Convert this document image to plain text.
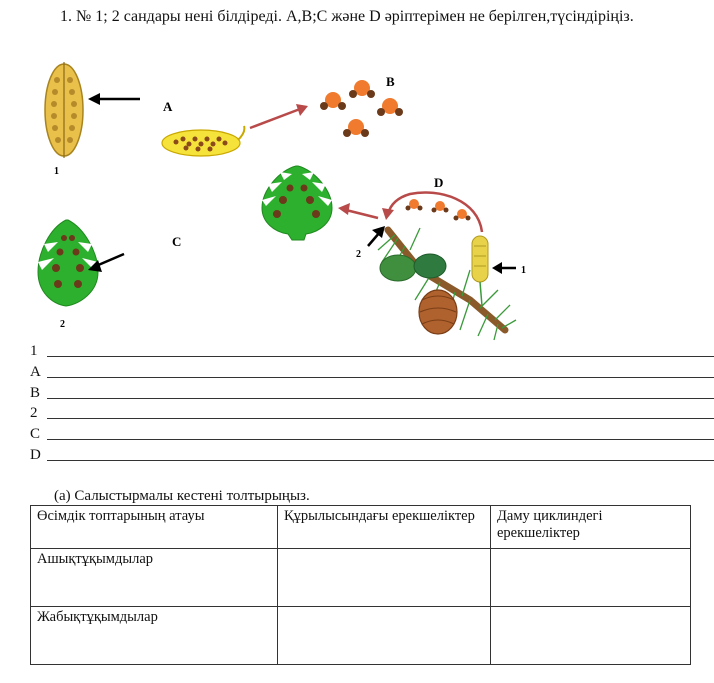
1. № 1; 2 сандары нені білдіреді. A,B;C және D әріптерімен не берілген,түсіндіріңіз.
1
A
B
D
2
1
C
2
1
A
B
2
C
D
(a) Салыстырмалы кестені толтырыңыз.
Өсімдік топтарының атауы	Құрылысындағы ерекшеліктер	Даму циклиндегі ерекшеліктер
Ашықтұқымдылар		
Жабықтұқымдылар		
